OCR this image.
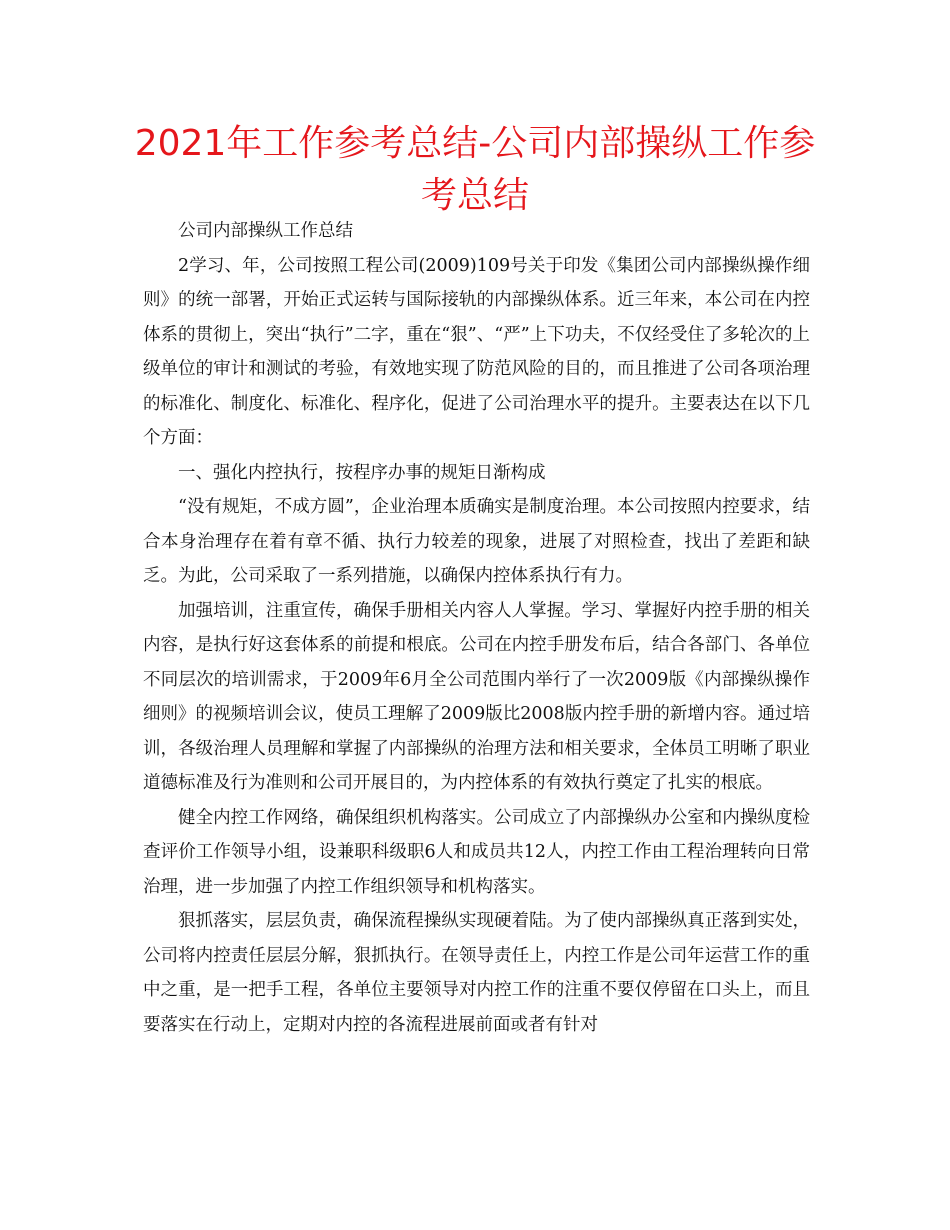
2021年工作参考总结-公司内部操纵工作参考总结

公司内部操纵工作总结

2学习、年，公司按照工程公司(2009)109号关于印发《集团公司内部操纵操作细则》的统一部署，开始正式运转与国际接轨的内部操纵体系。近三年来，本公司在内控体系的贯彻上，突出“执行”二字，重在“狠”、“严”上下功夫，不仅经受住了多轮次的上级单位的审计和测试的考验，有效地实现了防范风险的目的，而且推进了公司各项治理的标准化、制度化、标准化、程序化，促进了公司治理水平的提升。主要表达在以下几个方面：

一、强化内控执行，按程序办事的规矩日渐构成

“没有规矩，不成方圆”，企业治理本质确实是制度治理。本公司按照内控要求，结合本身治理存在着有章不循、执行力较差的现象，进展了对照检查，找出了差距和缺乏。为此，公司采取了一系列措施，以确保内控体系执行有力。

加强培训，注重宣传，确保手册相关内容人人掌握。学习、掌握好内控手册的相关内容，是执行好这套体系的前提和根底。公司在内控手册发布后，结合各部门、各单位不同层次的培训需求，于2009年6月全公司范围内举行了一次2009版《内部操纵操作细则》的视频培训会议，使员工理解了2009版比2008版内控手册的新增内容。通过培训，各级治理人员理解和掌握了内部操纵的治理方法和相关要求，全体员工明晰了职业道德标准及行为准则和公司开展目的，为内控体系的有效执行奠定了扎实的根底。

健全内控工作网络，确保组织机构落实。公司成立了内部操纵办公室和内操纵度检查评价工作领导小组，设兼职科级职6人和成员共12人，内控工作由工程治理转向日常治理，进一步加强了内控工作组织领导和机构落实。

狠抓落实，层层负责，确保流程操纵实现硬着陆。为了使内部操纵真正落到实处，公司将内控责任层层分解，狠抓执行。在领导责任上，内控工作是公司年运营工作的重中之重，是一把手工程，各单位主要领导对内控工作的注重不要仅停留在口头上，而且要落实在行动上，定期对内控的各流程进展前面或者有针对
